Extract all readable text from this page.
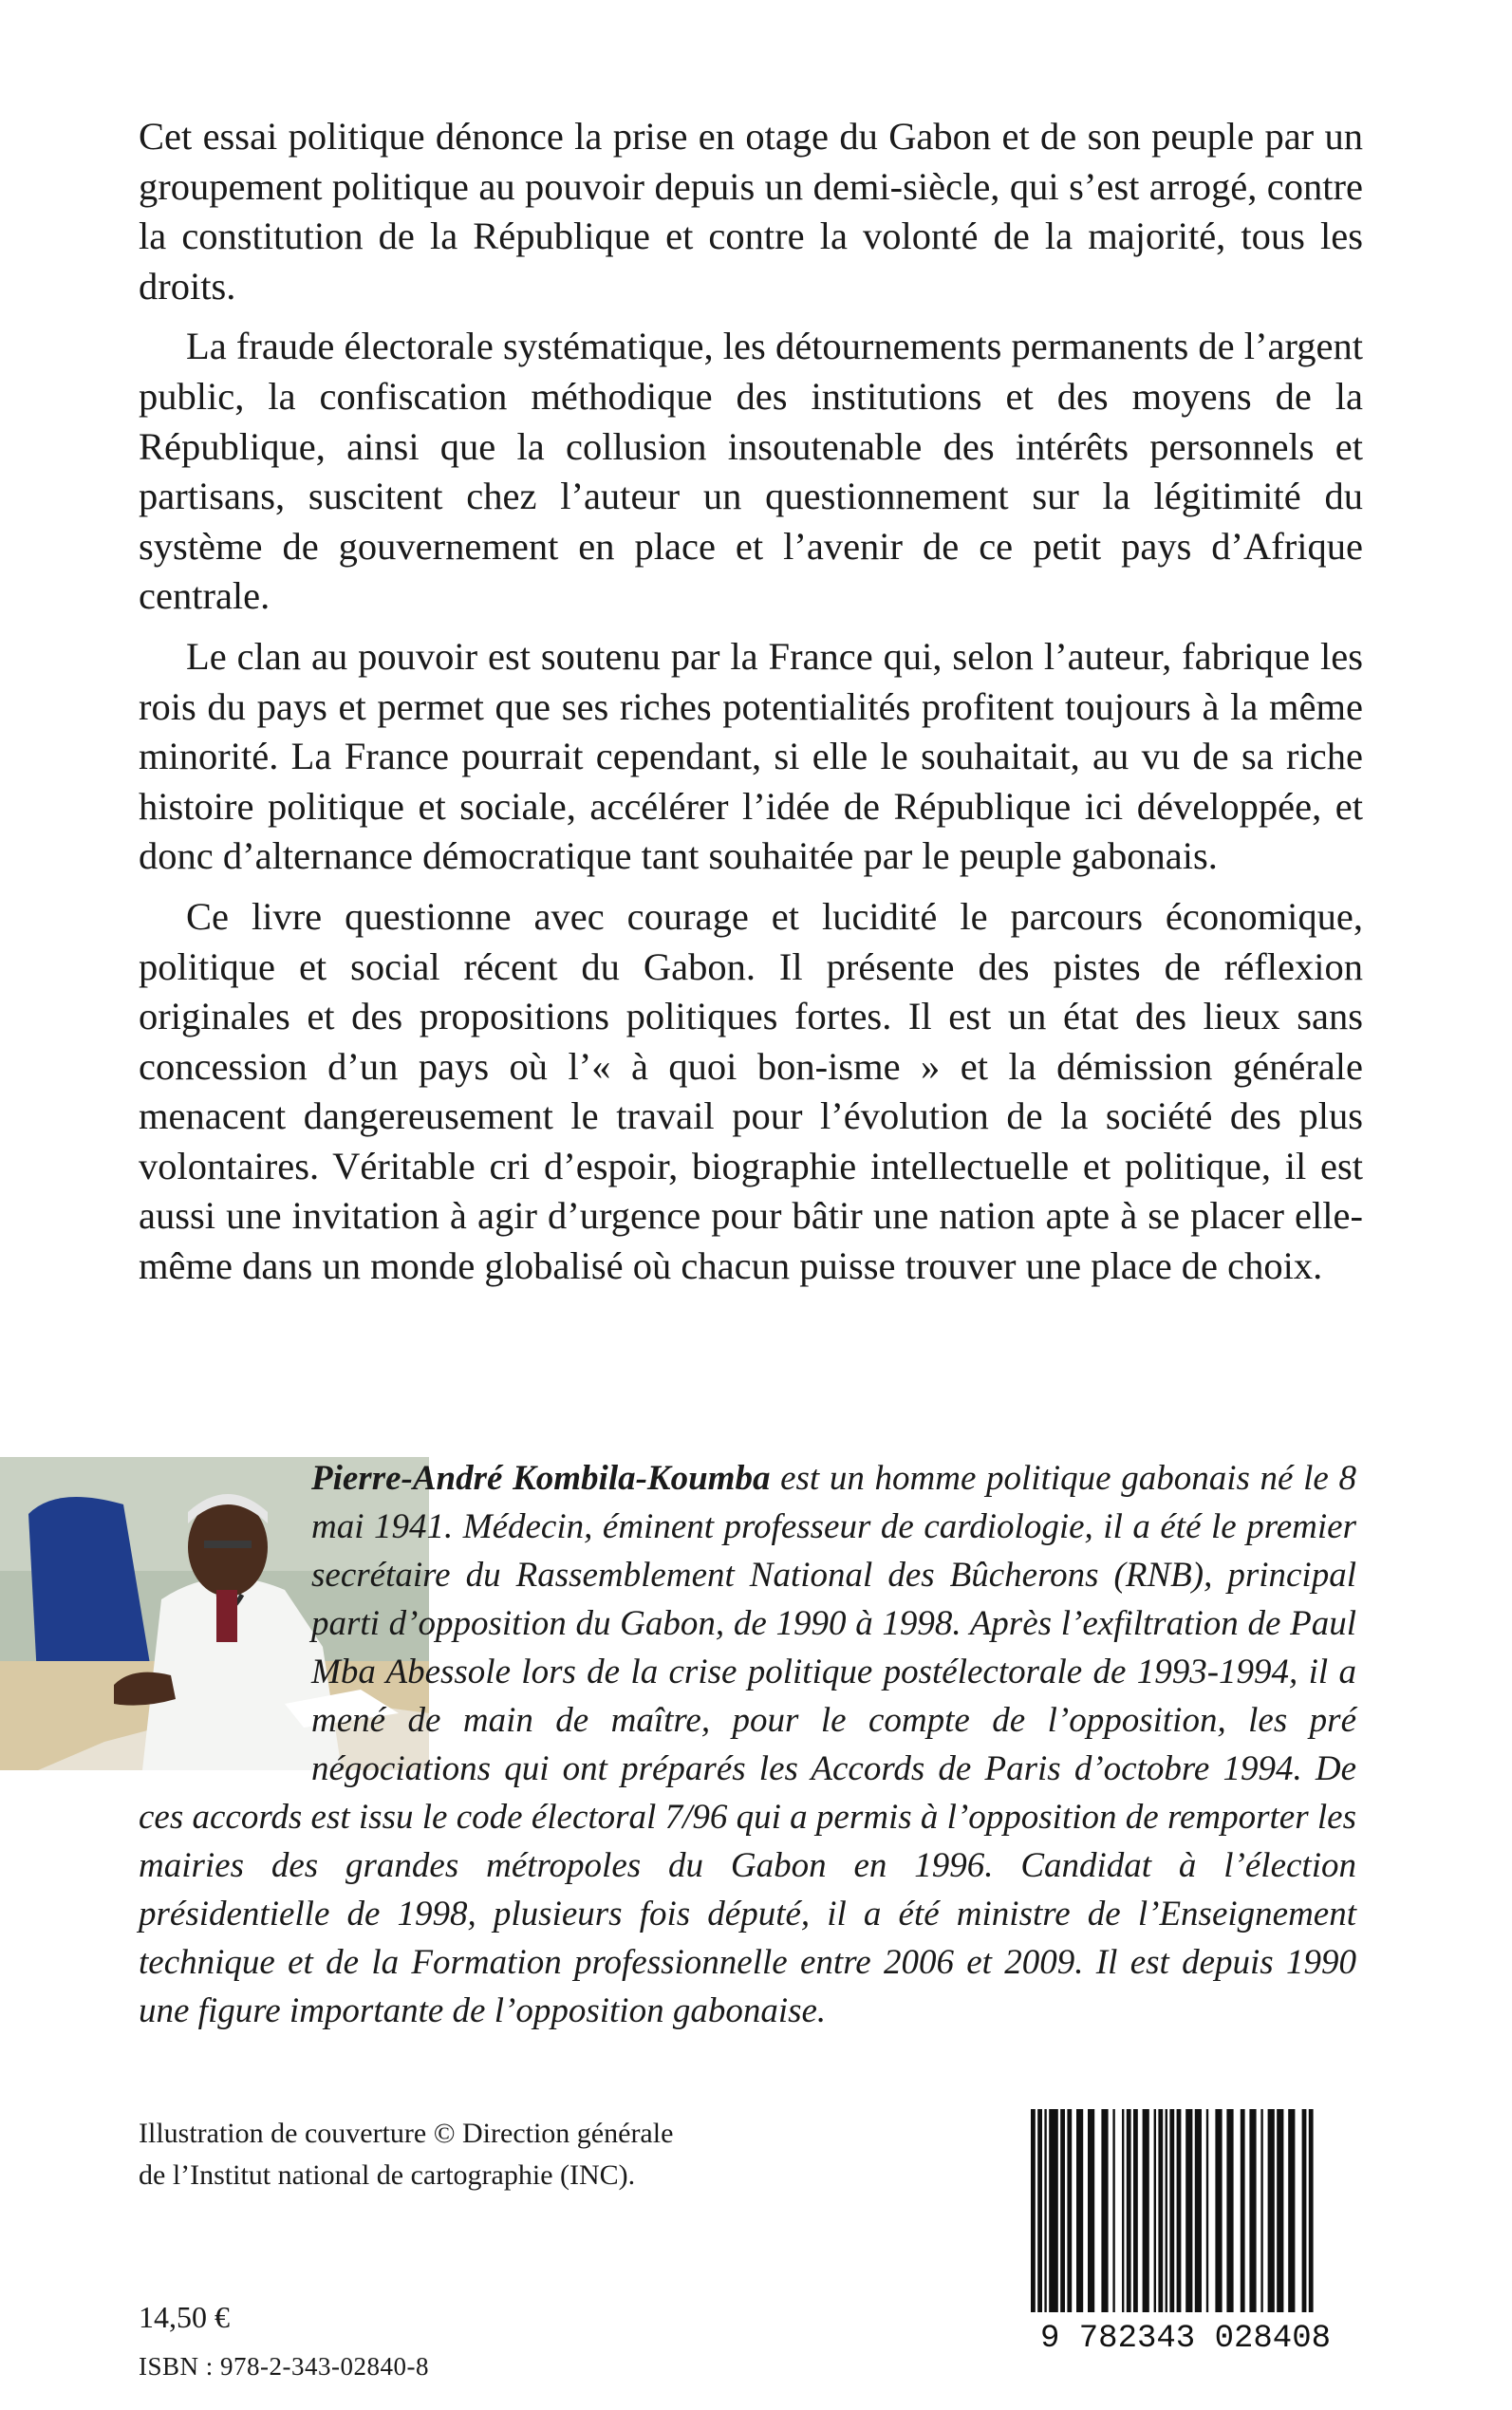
Cet essai politique dénonce la prise en otage du Gabon et de son peuple par un groupement politique au pouvoir depuis un demi-siècle, qui s’est arrogé, contre la constitution de la République et contre la volonté de la majorité, tous les droits.

La fraude électorale systématique, les détournements permanents de l’argent public, la confiscation méthodique des institutions et des moyens de la République, ainsi que la collusion insoutenable des intérêts personnels et partisans, suscitent chez l’auteur un questionnement sur la légitimité du système de gouvernement en place et l’avenir de ce petit pays d’Afrique centrale.

Le clan au pouvoir est soutenu par la France qui, selon l’auteur, fabrique les rois du pays et permet que ses riches potentialités profitent toujours à la même minorité. La France pourrait cependant, si elle le souhaitait, au vu de sa riche histoire politique et sociale, accélérer l’idée de République ici développée, et donc d’alternance démocratique tant souhaitée par le peuple gabonais.

Ce livre questionne avec courage et lucidité le parcours économique, politique et social récent du Gabon. Il présente des pistes de réflexion originales et des propositions politiques fortes. Il est un état des lieux sans concession d’un pays où l’« à quoi bon-isme » et la démission générale menacent dangereusement le travail pour l’évolution de la société des plus volontaires. Véritable cri d’espoir, biographie intellectuelle et politique, il est aussi une invitation à agir d’urgence pour bâtir une nation apte à se placer elle-même dans un monde globalisé où chacun puisse trouver une place de choix.

Pierre-André Kombila-Koumba est un homme politique gabonais né le 8 mai 1941. Médecin, éminent professeur de cardiologie, il a été le premier secrétaire du Rassemblement National des Bûcherons (RNB), principal parti d’opposition du Gabon, de 1990 à 1998. Après l’exfiltration de Paul Mba Abessole lors de la crise politique postélectorale de 1993-1994, il a mené de main de maître, pour le compte de l’opposition, les pré négociations qui ont préparés les Accords de Paris d’octobre 1994. De ces accords est issu le code électoral 7/96 qui a permis à l’opposition de remporter les mairies des grandes métropoles du Gabon en 1996. Candidat à l’élection présidentielle de 1998, plusieurs fois député, il a été ministre de l’Enseignement technique et de la Formation professionnelle entre 2006 et 2009. Il est depuis 1990 une figure importante de l’opposition gabonaise.

Illustration de couverture © Direction générale
de l’Institut national de cartographie (INC).
14,50 €
ISBN : 978-2-343-02840-8
9 782343 028408
